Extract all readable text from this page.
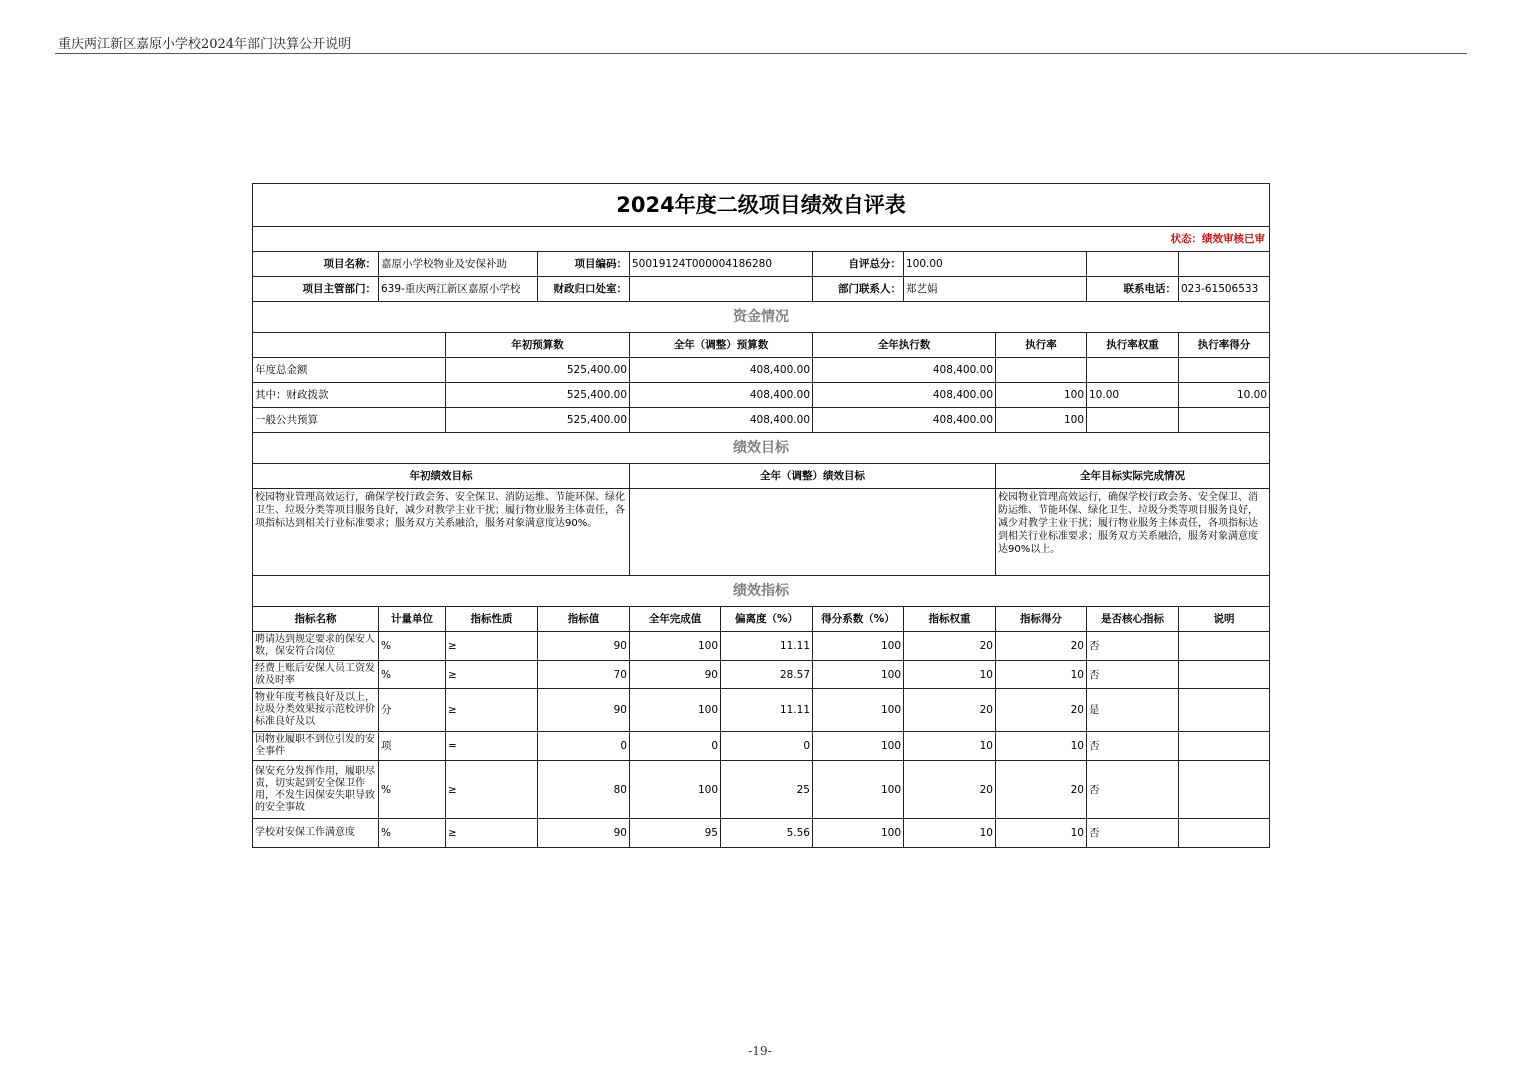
重庆两江新区嘉原小学校2024年部门决算公开说明
2024年度二级项目绩效自评表										
状态：绩效审核已审										
项目名称：	嘉原小学校物业及安保补助		项目编码：	50019124T000004186280		自评总分：	100.00			
项目主管部门：	639-重庆两江新区嘉原小学校		财政归口处室：			部门联系人：	郑艺娟		联系电话：	023-61506533
资金情况										
		年初预算数		全年（调整）预算数		全年执行数		执行率	执行率权重	执行率得分
年度总金额		525,400.00		408,400.00		408,400.00				
其中：财政拨款		525,400.00		408,400.00		408,400.00		100	10.00	10.00
一般公共预算		525,400.00		408,400.00		408,400.00		100		
绩效目标										
年初绩效目标				全年（调整）绩效目标				全年目标实际完成情况		
校园物业管理高效运行，确保学校行政会务、安全保卫、消防运维、节能环保、绿化卫生、垃圾分类等项目服务良好，减少对教学主业干扰；履行物业服务主体责任，各项指标达到相关行业标准要求；服务双方关系融洽，服务对象满意度达90%。								校园物业管理高效运行，确保学校行政会务、安全保卫、消防运维、节能环保、绿化卫生、垃圾分类等项目服务良好，减少对教学主业干扰；履行物业服务主体责任，各项指标达到相关行业标准要求；服务双方关系融洽，服务对象满意度达90%以上。		
绩效指标										
指标名称	计量单位	指标性质	指标值	全年完成值	偏离度（%）	得分系数（%）	指标权重	指标得分	是否核心指标	说明
聘请达到规定要求的保安人数，保安符合岗位	%	≥	90	100	11.11	100	20	20	否	
经费上账后安保人员工资发放及时率	%	≥	70	90	28.57	100	10	10	否	
物业年度考核良好及以上，垃圾分类效果按示范校评价标准良好及以	分	≥	90	100	11.11	100	20	20	是	
因物业履职不到位引发的安全事件	项	=	0	0	0	100	10	10	否	
保安充分发挥作用，履职尽责，切实起到安全保卫作用，不发生因保安失职导致的安全事故	%	≥	80	100	25	100	20	20	否	
学校对安保工作满意度	%	≥	90	95	5.56	100	10	10	否	
-19-
